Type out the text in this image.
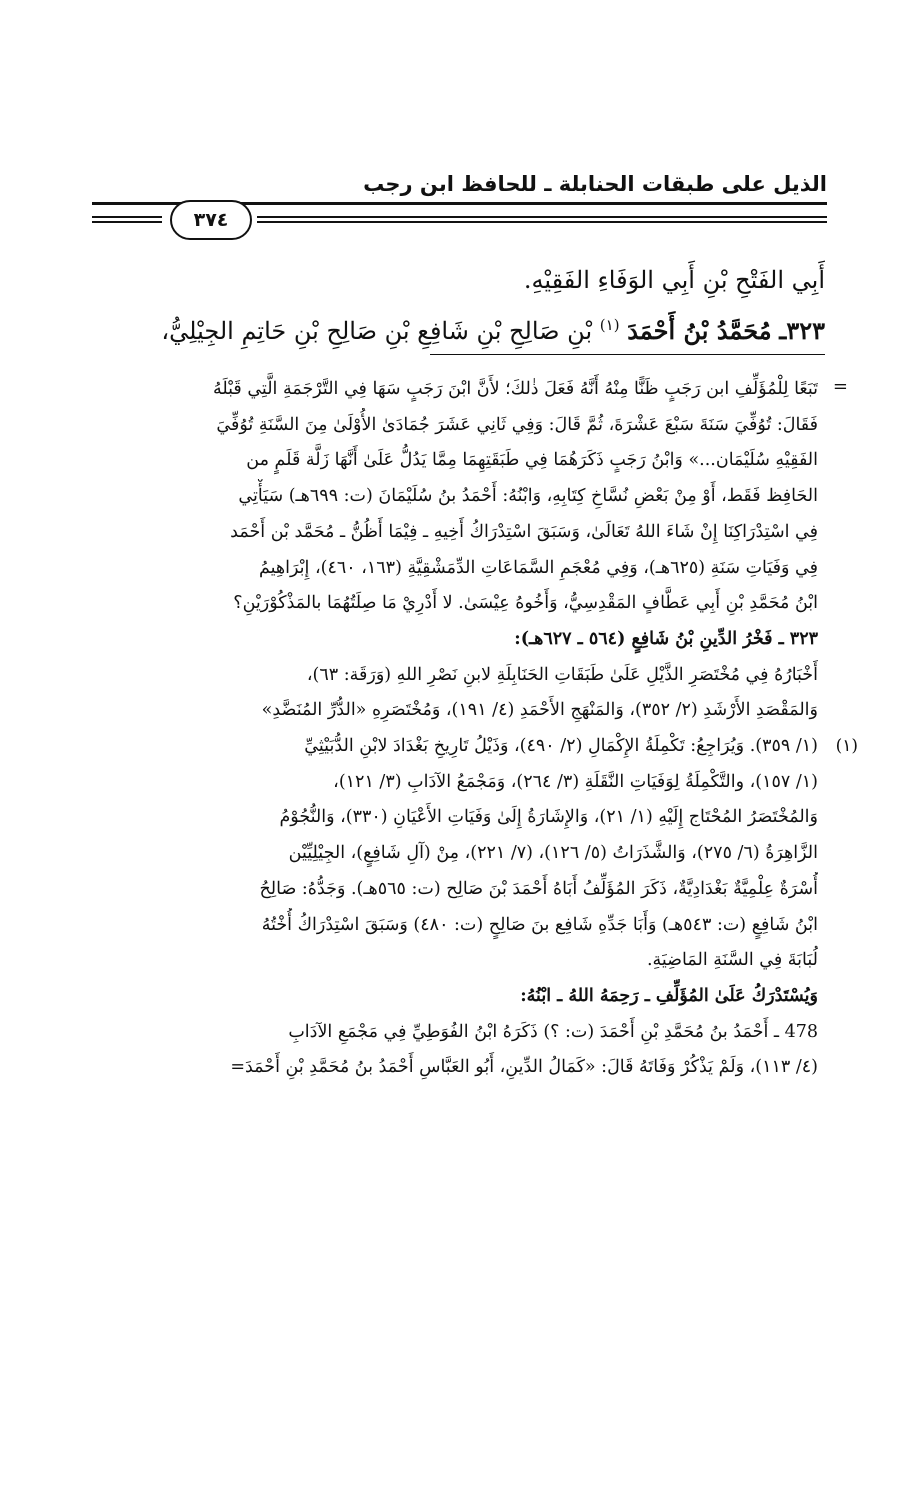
الذيل على طبقات الحنابلة ـ للحافظ ابن رجب
٣٧٤

أَبِي الفَتْحِ بْنِ أَبِي الوَفَاءِ الفَقِيْهِ.

٣٢٣ـ مُحَمَّدُ بْنُ أَحْمَدَ $^{(١)}$ بْنِ صَالِحِ بْنِ شَافِعِ بْنِ صَالِحِ بْنِ حَاتِمِ الجِيْلِيُّ،

=
(١)

تَبَعًا لِلْمُؤَلِّفِ ابن رَجَبٍ ظَنًّا مِنْهُ أَنَّهُ فَعَلَ ذٰلكَ؛ لأَنَّ ابْنَ رَجَبٍ سَهَا فِي التَّرْجَمَةِ الَّتِي قَبْلَهُ

فَقَالَ: تُوُفِّيَ سَنَةَ سَبْعَ عَشْرَةَ، ثُمَّ قَالَ: وَفِي ثَانِي عَشَرَ جُمَادَىٰ الأُوْلَىٰ مِنَ السَّنَةِ تُوُفِّيَ

الفَقِيْهِ سُلَيْمَان...» وَابْنُ رَجَبٍ ذَكَرَهُمَا فِي طَبَقَتِهِمَا مِمَّا يَدُلُّ عَلَىٰ أَنَّهَا زَلَّة قَلَمٍ من

الحَافِظ فَقَط، أَوْ مِنْ بَعْضِ نُسَّاخِ كِتَابِهِ، وَابْنُهُ: أَحْمَدُ بنُ سُلَيْمَانَ (ت: ٦٩٩هـ) سَيَأْتِي

فِي اسْتِدْرَاكِنَا إِنْ شَاءَ اللهُ تَعَالَىٰ، وَسَبَقَ اسْتِدْرَاكُ أَخِيهِ ـ فِيْمَا أَظُنُّ ـ مُحَمَّد بْن أَحْمَد

فِي وَفَيَاتِ سَنَةِ (٦٢٥هـ)، وَفِي مُعْجَمِ السَّمَاعَاتِ الدِّمَشْقِيَّةِ (١٦٣، ٤٦٠)، إِبْرَاهِيمُ

ابْنُ مُحَمَّدِ بْنِ أَبِي عَطَّافٍ المَقْدِسِيُّ، وَأَخُوهُ عِيْسَىٰ. لا أَدْرِيْ مَا صِلَتُهُمَا بالمَذْكُوْرَيْنِ؟

٣٢٣ ـ فَخْرُ الدِّينِ بْنُ شَافِعٍ (٥٦٤ ـ ٦٢٧هـ):

أَخْبَارُهُ فِي مُخْتَصَرِ الذَّيْلِ عَلَىٰ طَبَقَاتِ الحَنَابِلَةِ لابنِ نَصْرِ اللهِ (وَرَقَة: ٦٣)،

وَالمَقْصَدِ الأَرْشَدِ (٢/ ٣٥٢)، وَالمَنْهَجِ الأَحْمَدِ (٤/ ١٩١)، وَمُخْتَصَرِهِ «الدُّرِّ المُنَضَّدِ»

(١/ ٣٥٩). وَيُرَاجِعُ: تَكْمِلَةُ الإِكْمَالِ (٢/ ٤٩٠)، وَذَيْلُ تَارِيخِ بَغْدَادَ لابْنِ الدُّبَيْثِيِّ

(١/ ١٥٧)، والتَّكْمِلَةُ لِوَفَيَاتِ النَّقَلَةِ (٣/ ٢٦٤)، وَمَجْمَعُ الآدَابِ (٣/ ١٢١)،

وَالمُخْتَصَرُ المُحْتَاج إِلَيْهِ (١/ ٢١)، وَالإِشَارَةُ إِلَىٰ وَفَيَاتِ الأَعْيَانِ (٣٣٠)، وَالنُّجُوْمُ

الزَّاهِرَةُ (٦/ ٢٧٥)، وَالشَّذَرَاتُ (٥/ ١٢٦)، (٧/ ٢٢١)، مِنْ (آلِ شَافِعٍ)، الجِيْلِيِّيْن

أُسْرَةٌ عِلْمِيَّةٌ بَغْدَادِيَّةٌ، ذَكَرَ المُؤَلِّفُ أَبَاهُ أَحْمَدَ بْنَ صَالِح (ت: ٥٦٥هـ). وَجَدُّهُ: صَالِحُ

ابْنُ شَافِعٍ (ت: ٥٤٣هـ) وَأَبَا جَدِّهِ شَافِع بنَ صَالِحٍ (ت: ٤٨٠) وَسَبَقَ اسْتِدْرَاكُ أُخْتُهُ

لُبَابَةَ فِي السَّنَةِ المَاضِيَةِ.

وَيُسْتَدْرَكُ عَلَىٰ المُؤَلِّفِ ـ رَحِمَهُ اللهُ ـ ابْنُهُ:

478 ـ أَحْمَدُ بنُ مُحَمَّدِ بْنِ أَحْمَدَ (ت: ؟) ذَكَرَهُ ابْنُ الفُوَطِيِّ فِي مَجْمَعِ الآدَابِ

(٤/ ١١٣)، وَلَمْ يَذْكُرْ وَفَاتَهُ قَالَ: «كَمَالُ الدِّينِ، أَبُو العَبَّاسِ أَحْمَدُ بنُ مُحَمَّدِ بْنِ أَحْمَدَ=
